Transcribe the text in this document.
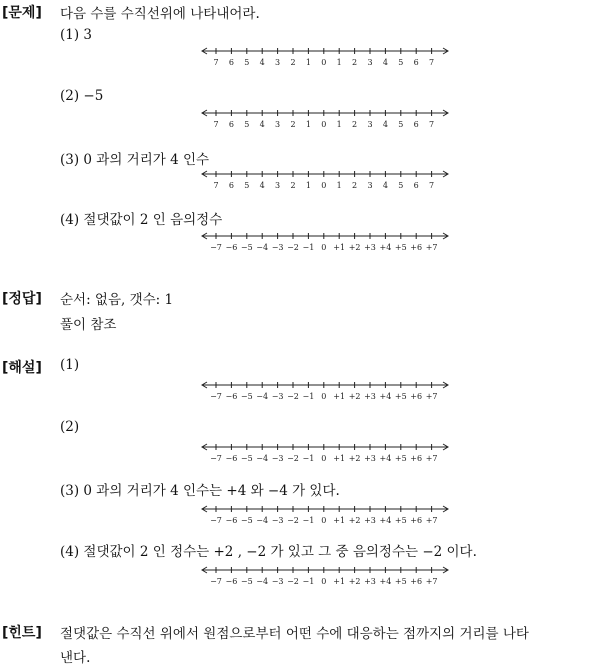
[문제] 다음 수를 수직선위에 나타내어라.
(1) 3
7 6 5 4 3 2 1 0 1 2 3 4 5 6 7
(2) −5
7 6 5 4 3 2 1 0 1 2 3 4 5 6 7
(3) 0 과의 거리가 4 인수
7 6 5 4 3 2 1 0 1 2 3 4 5 6 7
(4) 절댓값이 2 인 음의정수
−7 −6 −5 −4 −3 −2 −1 0 +1 +2 +3 +4 +5 +6 +7
[정답] 순서: 없음, 갯수: 1
풀이 참조
[해설] (1)
−7 −6 −5 −4 −3 −2 −1 0 +1 +2 +3 +4 +5 +6 +7
(2)
−7 −6 −5 −4 −3 −2 −1 0 +1 +2 +3 +4 +5 +6 +7
(3) 0 과의 거리가 4 인수는 +4 와 −4 가 있다.
−7 −6 −5 −4 −3 −2 −1 0 +1 +2 +3 +4 +5 +6 +7
(4) 절댓값이 2 인 정수는 +2 , −2 가 있고 그 중 음의정수는 −2 이다.
−7 −6 −5 −4 −3 −2 −1 0 +1 +2 +3 +4 +5 +6 +7
[힌트] 절댓값은 수직선 위에서 원점으로부터 어떤 수에 대응하는 점까지의 거리를 나타
낸다.
